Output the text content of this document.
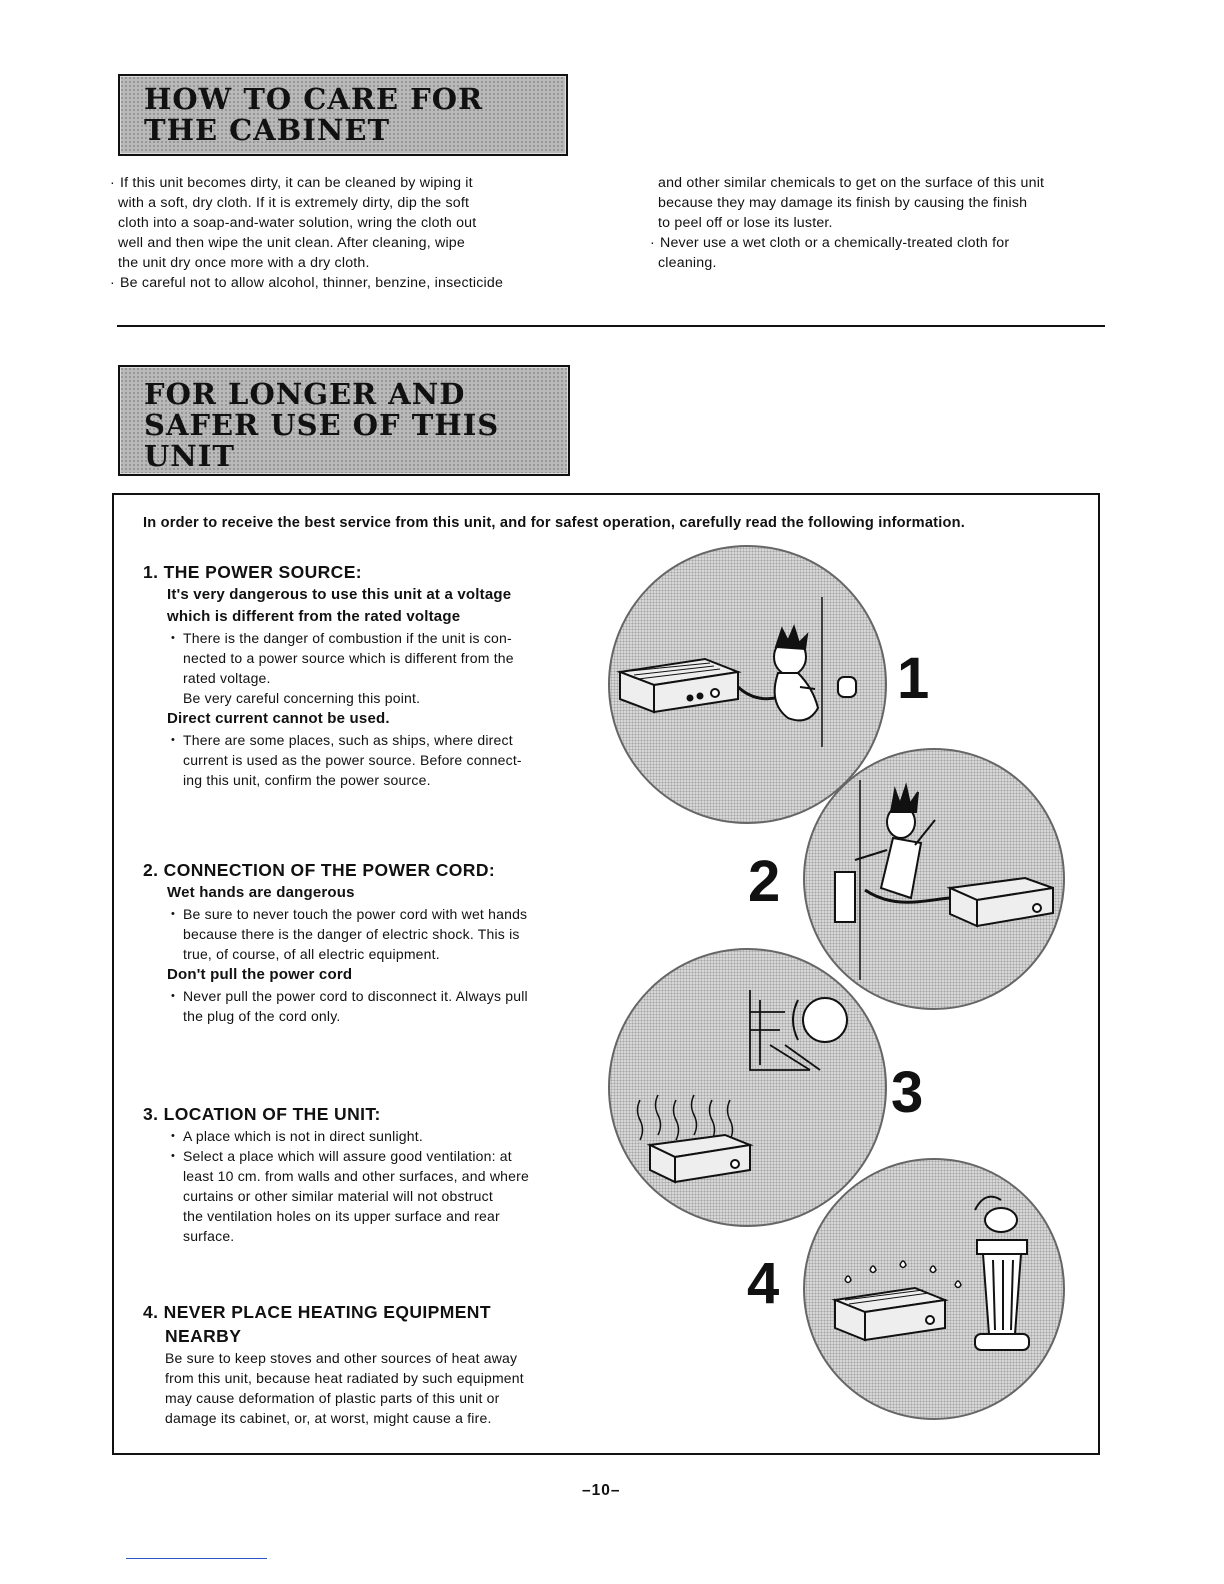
HOW TO CARE FOR
THE CABINET
· If this unit becomes dirty, it can be cleaned by wiping it
with a soft, dry cloth. If it is extremely dirty, dip the soft
cloth into a soap-and-water solution, wring the cloth out
well and then wipe the unit clean. After cleaning, wipe
the unit dry once more with a dry cloth.
· Be careful not to allow alcohol, thinner, benzine, insecticide
and other similar chemicals to get on the surface of this unit
because they may damage its finish by causing the finish
to peel off or lose its luster.
· Never use a wet cloth or a chemically-treated cloth for
cleaning.
FOR LONGER AND
SAFER USE OF THIS
UNIT
In order to receive the best service from this unit, and for safest operation, carefully read the following information.
1. THE POWER SOURCE:
It's very dangerous to use this unit at a voltage
which is different from the rated voltage
• There is the danger of combustion if the unit is con-
nected to a power source which is different from the
rated voltage.
Be very careful concerning this point.
Direct current cannot be used.
• There are some places, such as ships, where direct
current is used as the power source. Before connect-
ing this unit, confirm the power source.
2. CONNECTION OF THE POWER CORD:
Wet hands are dangerous
• Be sure to never touch the power cord with wet hands
because there is the danger of electric shock. This is
true, of course, of all electric equipment.
Don't pull the power cord
• Never pull the power cord to disconnect it. Always pull
the plug of the cord only.
3. LOCATION OF THE UNIT:
• A place which is not in direct sunlight.
• Select a place which will assure good ventilation: at
least 10 cm. from walls and other surfaces, and where
curtains or other similar material will not obstruct
the ventilation holes on its upper surface and rear
surface.
4. NEVER PLACE HEATING EQUIPMENT
NEARBY
Be sure to keep stoves and other sources of heat away
from this unit, because heat radiated by such equipment
may cause deformation of plastic parts of this unit or
damage its cabinet, or, at worst, might cause a fire.
1
2
3
4
–10–
